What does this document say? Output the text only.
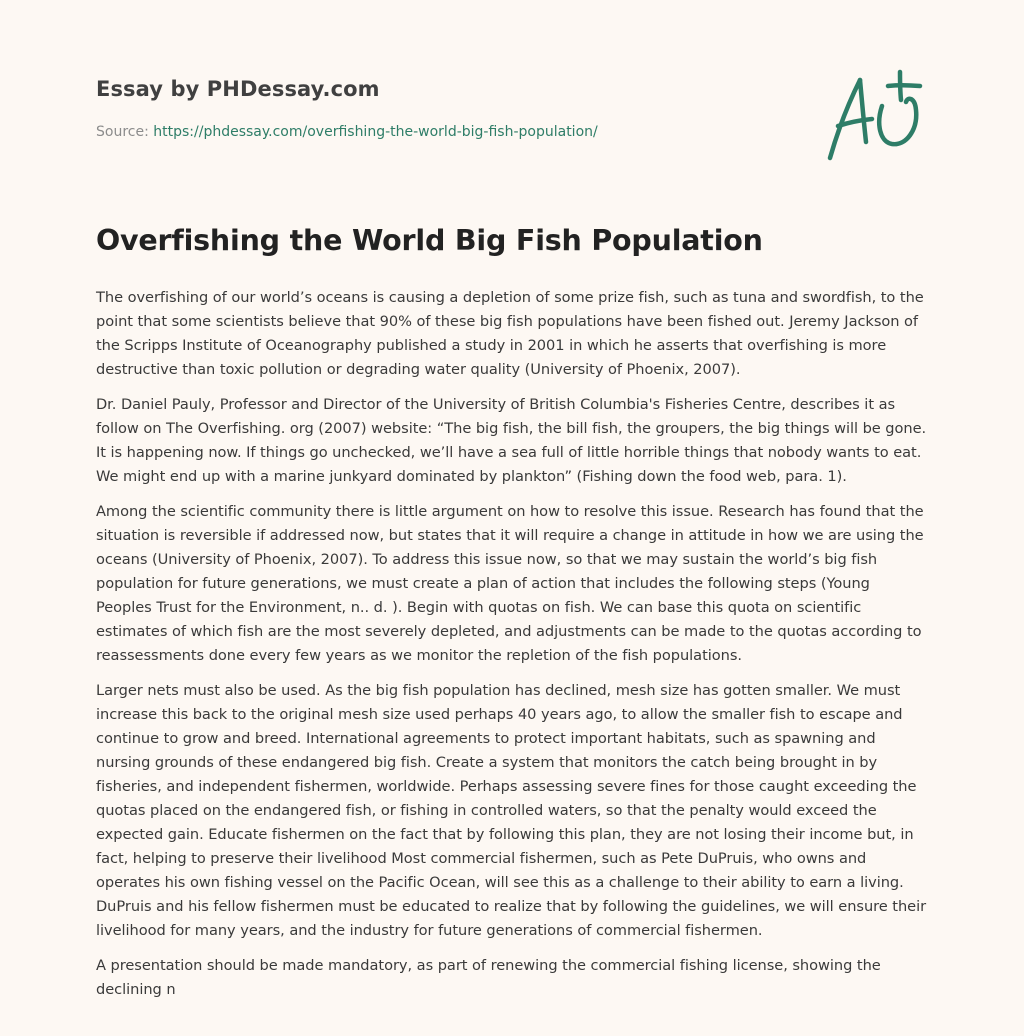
Essay by PHDessay.com
Source: https://phdessay.com/overfishing-the-world-big-fish-population/
Overfishing the World Big Fish Population

The overfishing of our world’s oceans is causing a depletion of some prize fish, such as tuna and swordfish, to the point that some scientists believe that 90% of these big fish populations have been fished out. Jeremy Jackson of the Scripps Institute of Oceanography published a study in 2001 in which he asserts that overfishing is more destructive than toxic pollution or degrading water quality (University of Phoenix, 2007).

Dr. Daniel Pauly, Professor and Director of the University of British Columbia's Fisheries Centre, describes it as follow on The Overfishing. org (2007) website: “The big fish, the bill fish, the groupers, the big things will be gone. It is happening now. If things go unchecked, we’ll have a sea full of little horrible things that nobody wants to eat. We might end up with a marine junkyard dominated by plankton” (Fishing down the food web, para. 1).

Among the scientific community there is little argument on how to resolve this issue. Research has found that the situation is reversible if addressed now, but states that it will require a change in attitude in how we are using the oceans (University of Phoenix, 2007). To address this issue now, so that we may sustain the world’s big fish population for future generations, we must create a plan of action that includes the following steps (Young Peoples Trust for the Environment, n.. d. ). Begin with quotas on fish. We can base this quota on scientific estimates of which fish are the most severely depleted, and adjustments can be made to the quotas according to reassessments done every few years as we monitor the repletion of the fish populations.

Larger nets must also be used. As the big fish population has declined, mesh size has gotten smaller. We must increase this back to the original mesh size used perhaps 40 years ago, to allow the smaller fish to escape and continue to grow and breed. International agreements to protect important habitats, such as spawning and nursing grounds of these endangered big fish. Create a system that monitors the catch being brought in by fisheries, and independent fishermen, worldwide. Perhaps assessing severe fines for those caught exceeding the quotas placed on the endangered fish, or fishing in controlled waters, so that the penalty would exceed the expected gain. Educate fishermen on the fact that by following this plan, they are not losing their income but, in fact, helping to preserve their livelihood Most commercial fishermen, such as Pete DuPruis, who owns and operates his own fishing vessel on the Pacific Ocean, will see this as a challenge to their ability to earn a living. DuPruis and his fellow fishermen must be educated to realize that by following the guidelines, we will ensure their livelihood for many years, and the industry for future generations of commercial fishermen.

A presentation should be made mandatory, as part of renewing the commercial fishing license, showing the declining n
